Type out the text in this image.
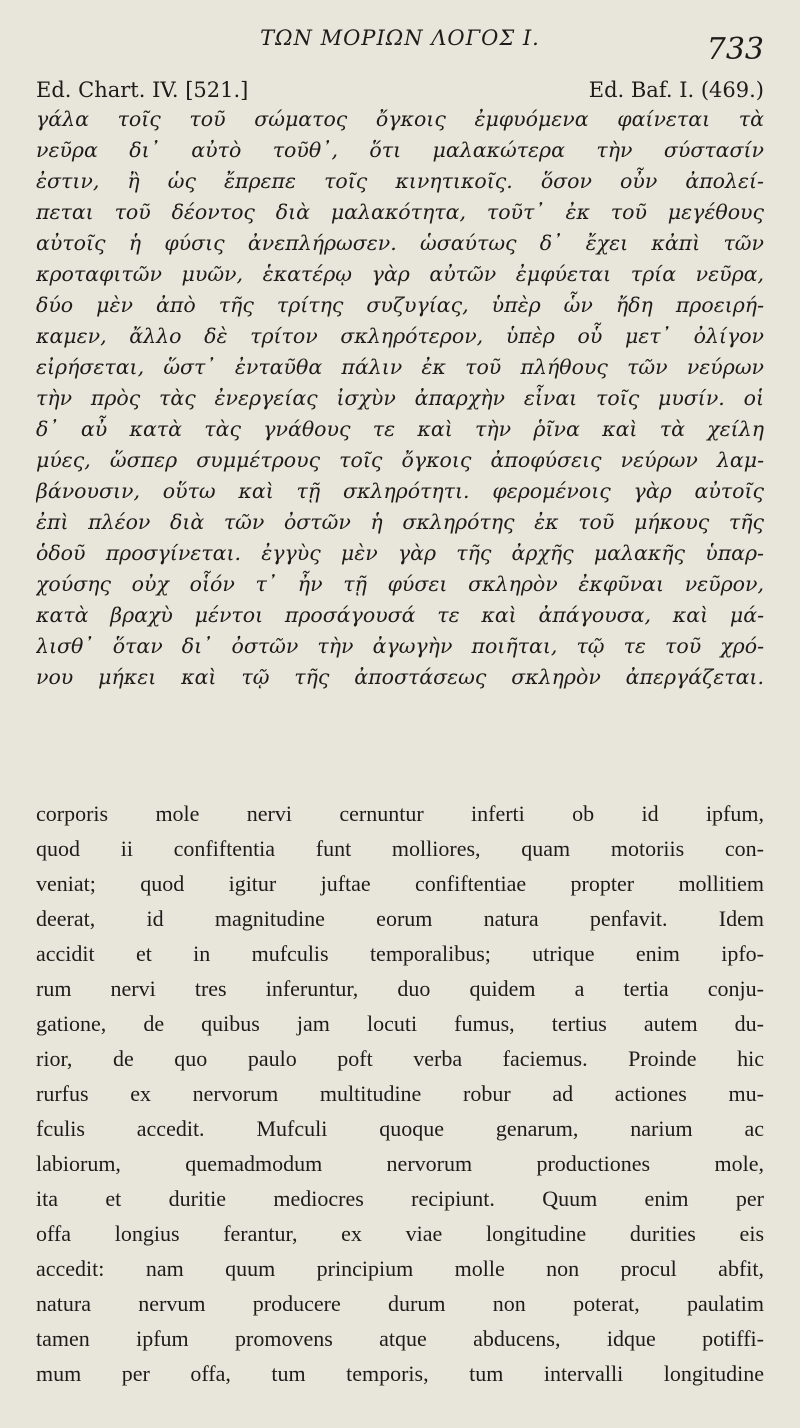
ΤΩΝ ΜΟΡΙΩΝ ΛΟΓΟΣ Ι.	733
Ed. Chart. IV. [521.]	Ed. Baf. I. (469.)
γάλα τοῖς τοῦ σώματος ὄγκοις ἐμφυόμενα φαίνεται τὰ
νεῦρα δι᾽ αὐτὸ τοῦθ᾽, ὅτι μαλακώτερα τὴν σύστασίν
ἐστιν, ἢ ὡς ἔπρεπε τοῖς κινητικοῖς. ὅσον οὖν ἀπολεί-
πεται τοῦ δέοντος διὰ μαλακότητα, τοῦτ᾽ ἐκ τοῦ μεγέθους
αὐτοῖς ἡ φύσις ἀνεπλήρωσεν. ὡσαύτως δ᾽ ἔχει κἀπὶ τῶν
κροταφιτῶν μυῶν, ἑκατέρῳ γὰρ αὐτῶν ἐμφύεται τρία νεῦρα,
δύο μὲν ἀπὸ τῆς τρίτης συζυγίας, ὑπὲρ ὧν ἤδη προειρή-
καμεν, ἄλλο δὲ τρίτον σκληρότερον, ὑπὲρ οὗ μετ᾽ ὀλίγον
εἰρήσεται, ὥστ᾽ ἐνταῦθα πάλιν ἐκ τοῦ πλήθους τῶν νεύρων
τὴν πρὸς τὰς ἐνεργείας ἰσχὺν ἀπαρχὴν εἶναι τοῖς μυσίν. οἱ
δ᾽ αὖ κατὰ τὰς γνάθους τε καὶ τὴν ῥῖνα καὶ τὰ χείλη
μύες, ὥσπερ συμμέτρους τοῖς ὄγκοις ἀποφύσεις νεύρων λαμ-
βάνουσιν, οὕτω καὶ τῇ σκληρότητι. φερομένοις γὰρ αὐτοῖς
ἐπὶ πλέον διὰ τῶν ὀστῶν ἡ σκληρότης ἐκ τοῦ μήκους τῆς
ὁδοῦ προσγίνεται. ἐγγὺς μὲν γὰρ τῆς ἀρχῆς μαλακῆς ὑπαρ-
χούσης οὐχ οἷόν τ᾽ ἦν τῇ φύσει σκληρὸν ἐκφῦναι νεῦρον,
κατὰ βραχὺ μέντοι προσάγουσά τε καὶ ἀπάγουσα, καὶ μά-
λισθ᾽ ὅταν δι᾽ ὀστῶν τὴν ἀγωγὴν ποιῆται, τῷ τε τοῦ χρό-
νου μήκει καὶ τῷ τῆς ἀποστάσεως σκληρὸν ἀπεργάζεται.
corporis mole nervi cernuntur inferti ob id ipfum,
quod ii confiftentia funt molliores, quam motoriis con-
veniat; quod igitur juftae confiftentiae propter mollitiem
deerat, id magnitudine eorum natura penfavit. Idem
accidit et in mufculis temporalibus; utrique enim ipfo-
rum nervi tres inferuntur, duo quidem a tertia conju-
gatione, de quibus jam locuti fumus, tertius autem du-
rior, de quo paulo poft verba faciemus. Proinde hic
rurfus ex nervorum multitudine robur ad actiones mu-
fculis accedit. Mufculi quoque genarum, narium ac
labiorum, quemadmodum nervorum productiones mole,
ita et duritie mediocres recipiunt. Quum enim per
offa longius ferantur, ex viae longitudine durities eis
accedit: nam quum principium molle non procul abfit,
natura nervum producere durum non poterat, paulatim
tamen ipfum promovens atque abducens, idque potiffi-
mum per offa, tum temporis, tum intervalli longitudine
